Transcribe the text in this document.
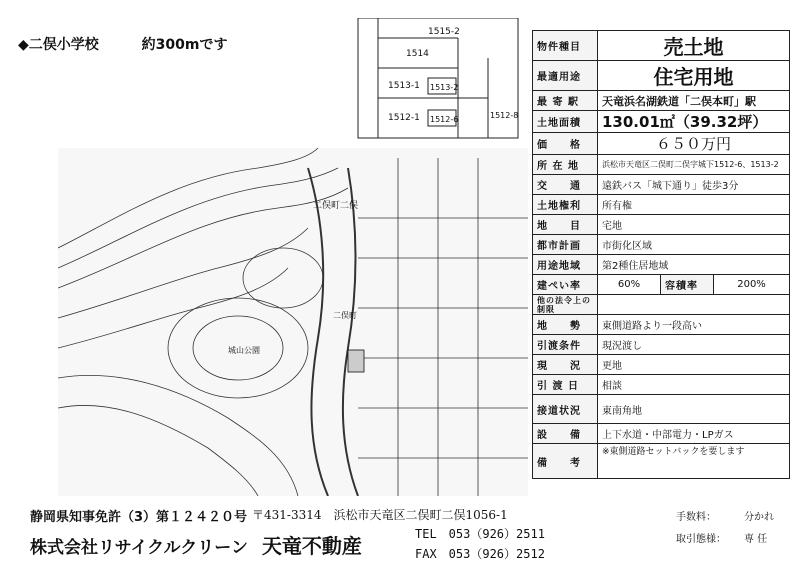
◆二俣小学校	約300mです
1515-2
1514
1513-1 1513-2
1512-1 1512-6	1512-8
二俣町二俣
城山公園
二俣町
物件種目	売土地		
最適用途	住宅用地		
最 寄 駅	天竜浜名湖鉄道「二俣本町」駅		
土地面積	130.01㎡（39.32坪）		
価　　格	６５０万円		
所 在 地	浜松市天竜区二俣町二俣字城下1512-6、1513-2		
交　　通	遠鉄バス「城下通り」徒歩3分		
土地権利	所有権		
地　　目	宅地		
都市計画	市街化区域		
用途地域	第2種住居地域		
建ぺい率	60%	容積率	200%
他の法令上の制限			
地　　勢	東側道路より一段高い		
引渡条件	現況渡し		
現　　況	更地		
引 渡 日	相談		
接道状況	東南角地		
設　　備	上下水道・中部電力・LPガス		
備　　考	※東側道路セットバックを要します		
静岡県知事免許（3）第１２４２０号
株式会社リサイクルクリーン 天竜不動産
〒431-3314　浜松市天竜区二俣町二俣1056-1
TEL　053（926）2511
FAX　053（926）2512
手数料：	分かれ
取引態様： 専 任
